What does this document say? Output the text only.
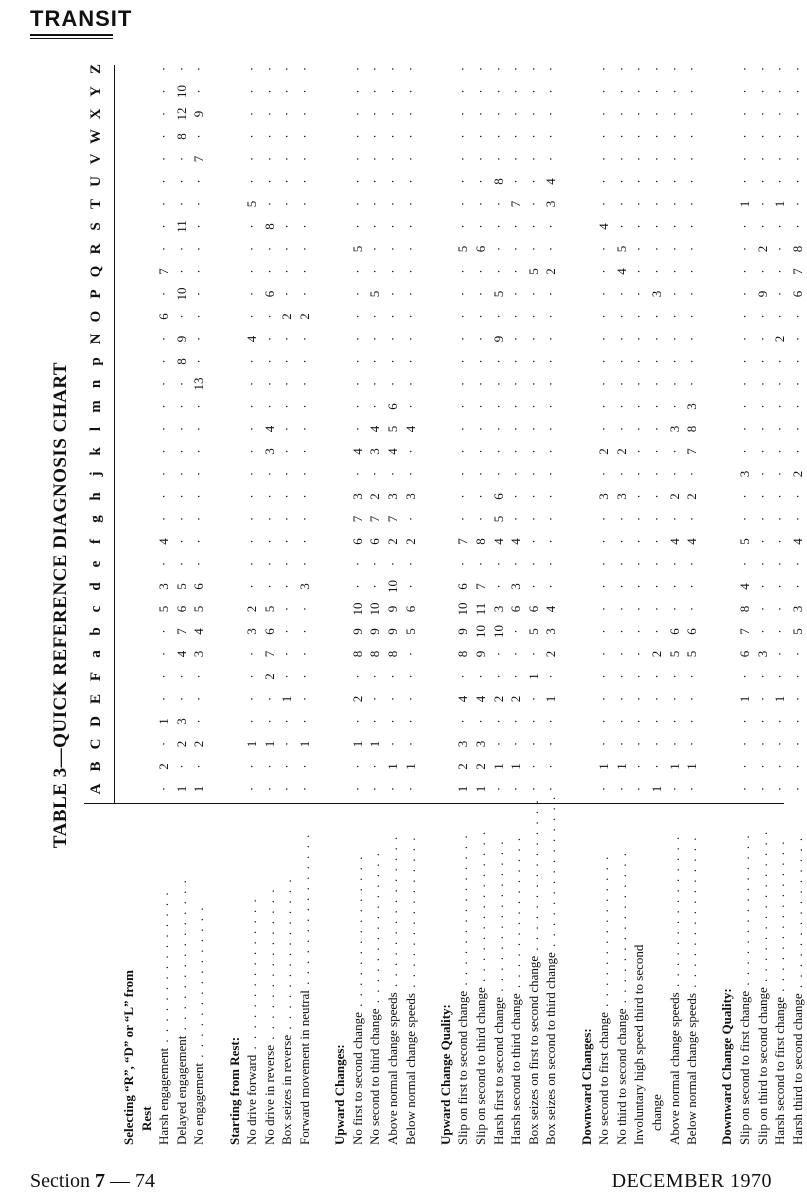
TRANSIT
TABLE 3—QUICK REFERENCE DIAGNOSIS CHART A
B
C
D
E
F
a
b
c
d
e
f
g
h
j
k
l
m
n
p
N
O
P
Q
R
S
T
U
V
W
X
Y
Z
Selecting “R”, “D” or “L” from Rest Harsh engagement . . . . . . . . . . . . . . .
·
2
·
1
·
·
·
·
5
3
·
4
·
·
·
·
·
·
·
·
·
6
·
7
·
·
·
·
·
·
·
·
·
Delayed engagement . . . . . . . . . . . . . . .
1
·
2
3
·
·
4
7
6
5
·
·
·
·
·
·
·
·
·
8
9
·
10
·
·
11
·
·
·
8
12
10
·
No engagement . . . . . . . . . . . . . . .
1
·
2
·
·
·
3
4
5
6
·
·
·
·
·
·
·
·
13
·
·
·
·
·
·
·
·
·
7
·
9
·
·
Starting from Rest: No drive forward . . . . . . . . . . . . . . .
·
·
1
·
·
·
·
3
2
·
·
·
·
·
·
·
·
·
·
·
4
·
·
·
·
·
5
·
·
·
·
·
·
No drive in reverse . . . . . . . . . . . . . . .
·
·
1
·
·
2
7
6
5
·
·
·
·
·
·
3
4
·
·
·
·
·
6
·
·
8
·
·
·
·
·
·
·
Box seizes in reverse . . . . . . . . . . . . . . .
·
·
·
·
1
·
·
·
·
·
·
·
·
·
·
·
·
·
·
·
·
2
·
·
·
·
·
·
·
·
·
·
·
Forward movement in neutral . . . . . . . . . . . . . . .
·
·
1
·
·
·
·
·
·
3
·
·
·
·
·
·
·
·
·
·
·
2
·
·
·
·
·
·
·
·
·
·
·
Upward Changes: No first to second change . . . . . . . . . . . . . . .
·
·
1
·
2
·
8
9
10
·
·
6
7
3
·
4
·
·
·
·
·
·
·
·
5
·
·
·
·
·
·
·
·
No second to third change . . . . . . . . . . . . . . .
·
·
1
·
·
·
8
9
10
·
·
6
7
2
·
3
4
·
·
·
·
·
5
·
·
·
·
·
·
·
·
·
·
Above normal change speeds . . . . . . . . . . . . . . .
·
1
·
·
·
·
8
9
9
10
·
2
7
3
·
4
5
6
·
·
·
·
·
·
·
·
·
·
·
·
·
·
·
Below normal change speeds . . . . . . . . . . . . . . .
·
1
·
·
·
·
·
5
6
·
·
2
·
3
·
·
4
·
·
·
·
·
·
·
·
·
·
·
·
·
·
·
·
Upward Change Quality: Slip on first to second change . . . . . . . . . . . . . . .
1
2
3
·
4
·
8
9
10
6
·
7
·
·
·
·
·
·
·
·
·
·
·
·
5
·
·
·
·
·
·
·
·
Slip on second to third change . . . . . . . . . . . . . . .
1
2
3
·
4
·
9
10
11
7
·
8
·
·
·
·
·
·
·
·
·
·
·
·
6
·
·
·
·
·
·
·
·
Harsh first to second change . . . . . . . . . . . . . . .
·
1
·
·
2
·
·
10
3
·
·
4
5
6
·
·
·
·
·
·
9
·
5
·
·
·
·
8
·
·
·
·
·
Harsh second to third change . . . . . . . . . . . . . . .
·
1
·
·
2
·
·
·
6
3
·
4
·
·
·
·
·
·
·
·
·
·
·
·
·
·
7
·
·
·
·
·
·
Box seizes on first to second change . . . . . . . . . . . . . . .
·
·
·
·
·
1
·
5
6
·
·
·
·
·
·
·
·
·
·
·
·
·
·
5
·
·
·
·
·
·
·
·
·
Box seizes on second to third change . . . . . . . . . . . . . . .
·
·
·
·
1
·
2
3
4
·
·
·
·
·
·
·
·
·
·
·
·
·
·
2
·
·
3
4
·
·
·
·
·
Downward Changes: No second to first change . . . . . . . . . . . . . . .
·
1
·
·
·
·
·
·
·
·
·
·
·
3
·
2
·
·
·
·
·
·
·
·
·
4
·
·
·
·
·
·
·
No third to second change . . . . . . . . . . . . . . .
·
1
·
·
·
·
·
·
·
·
·
·
·
3
·
2
·
·
·
·
·
·
·
4
5
·
·
·
·
·
·
·
·
Involuntary high speed third to second
·
·
·
·
·
·
·
·
·
·
·
·
·
·
·
·
·
·
·
·
·
·
·
·
·
·
·
·
·
·
·
·
·
change
1
·
·
·
·
·
2
·
·
·
·
·
·
·
·
·
·
·
·
·
·
·
3
·
·
·
·
·
·
·
·
·
·
Above normal change speeds . . . . . . . . . . . . . . .
·
1
·
·
·
·
5
6
·
·
·
4
·
2
·
·
3
·
·
·
·
·
·
·
·
·
·
·
·
·
·
·
·
Below normal change speeds . . . . . . . . . . . . . . .
·
1
·
·
·
·
5
6
·
·
·
4
·
2
·
7
8
3
·
·
·
·
·
·
·
·
·
·
·
·
·
·
·
Downward Change Quality: Slip on second to first change . . . . . . . . . . . . . . .
·
·
·
·
1
·
6
7
8
4
·
5
·
·
3
·
·
·
·
·
·
·
·
·
·
·
1
·
·
·
·
·
·
Slip on third to second change . . . . . . . . . . . . . . .
·
·
·
·
·
·
3
·
·
·
·
·
·
·
·
·
·
·
·
·
·
·
9
·
2
·
·
·
·
·
·
·
·
Harsh second to first change . . . . . . . . . . . . . . .
·
·
·
·
1
·
·
·
·
·
·
·
·
·
·
·
·
·
·
·
2
·
·
·
·
·
1
·
·
·
·
·
·
Harsh third to second change . . . . . . . . . . . . . . .
·
·
·
·
·
·
·
5
3
·
·
4
·
·
2
·
·
·
·
·
·
·
6
7
8
·
·
·
·
·
·
·
·
Section 7 — 74	DECEMBER 1970
